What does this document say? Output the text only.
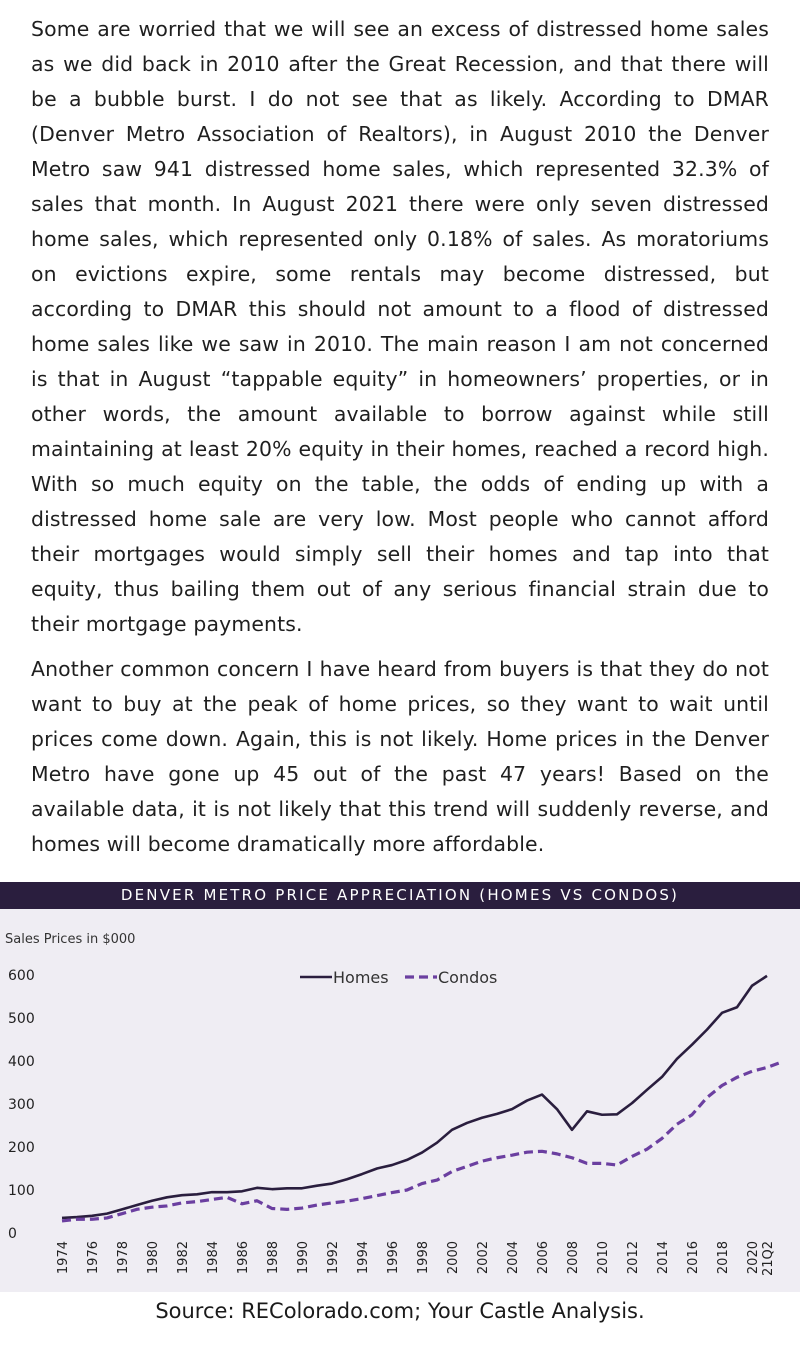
Some are worried that we will see an excess of distressed home sales as we did back in 2010 after the Great Recession, and that there will be a bubble burst. I do not see that as likely. According to DMAR (Denver Metro Association of Realtors), in August 2010 the Denver Metro saw 941 distressed home sales, which represented 32.3% of sales that month. In August 2021 there were only seven distressed home sales, which represented only 0.18% of sales. As moratoriums on evictions expire, some rentals may become distressed, but according to DMAR this should not amount to a flood of distressed home sales like we saw in 2010. The main reason I am not concerned is that in August “tappable equity” in homeowners’ properties, or in other words, the amount available to borrow against while still maintaining at least 20% equity in their homes, reached a record high. With so much equity on the table, the odds of ending up with a distressed home sale are very low. Most people who cannot afford their mortgages would simply sell their homes and tap into that equity, thus bailing them out of any serious financial strain due to their mortgage payments.

Another common concern I have heard from buyers is that they do not want to buy at the peak of home prices, so they want to wait until prices come down. Again, this is not likely. Home prices in the Denver Metro have gone up 45 out of the past 47 years! Based on the available data, it is not likely that this trend will suddenly reverse, and homes will become dramatically more affordable.

DENVER METRO PRICE APPRECIATION (HOMES VS CONDOS)
Sales Prices in $000
0
100
200
300
400
500
600
1974 1976 1978 1980 1982 1984 1986 1988 1990 1992 1994 1996 1998 2000 2002 2004 2006 2008 2010 2012 2014 2016 2018 2020 21Q2
Homes	Condos
Source: REColorado.com; Your Castle Analysis.
